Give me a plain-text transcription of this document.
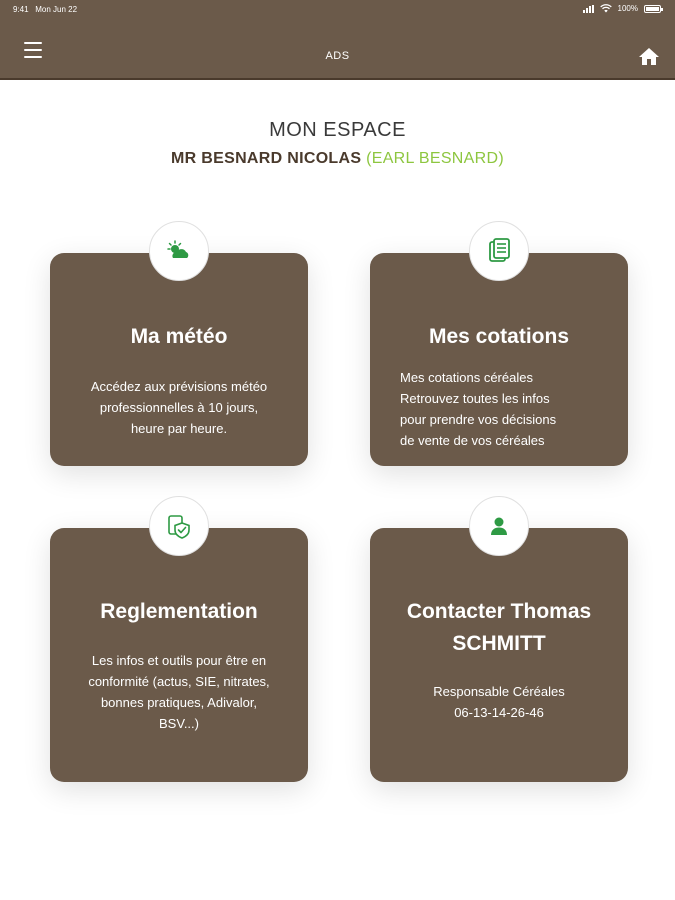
9:41 Mon Jun 22	100%
ADS
MON ESPACE
MR BESNARD NICOLAS (EARL BESNARD)
Ma météo
Accédez aux prévisions météo
professionnelles à 10 jours,
heure par heure.
Mes cotations
Mes cotations céréales
Retrouvez toutes les infos
pour prendre vos décisions
de vente de vos céréales
Reglementation
Les infos et outils pour être en
conformité (actus, SIE, nitrates,
bonnes pratiques, Adivalor,
BSV...)
Contacter Thomas
SCHMITT
Responsable Céréales
06-13-14-26-46
